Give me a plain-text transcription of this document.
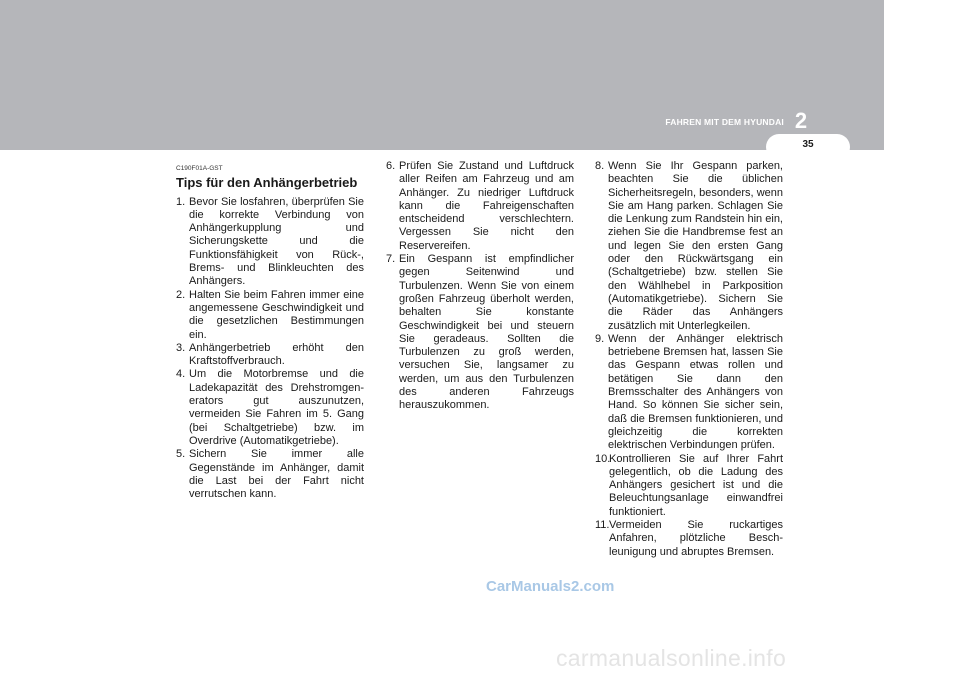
2
FAHREN MIT DEM HYUNDAI
35
C190F01A-GST
Tips für den Anhängerbetrieb
1. Bevor Sie losfahren, überprüfen Sie die korrekte Verbindung von Anhängerkupplung und Sicherungskette und die Funktionsfähigkeit von Rück-, Brems- und Blinkleuchten des Anhängers.
2. Halten Sie beim Fahren immer eine angemessene Geschwindigkeit und die gesetzlichen Bestimmungen ein.
3. Anhängerbetrieb erhöht den Kraftstoffverbrauch.
4. Um die Motorbremse und die Ladekapazität des Drehstromgen-erators gut auszunutzen, vermeiden Sie Fahren im 5. Gang (bei Schaltgetriebe) bzw. im Overdrive (Automatikgetriebe).
5. Sichern Sie immer alle Gegenstände im Anhänger, damit die Last bei der Fahrt nicht verrutschen kann.
6. Prüfen Sie Zustand und Luftdruck aller Reifen am Fahrzeug und am Anhänger. Zu niedriger Luftdruck kann die Fahreigenschaften entscheidend verschlechtern. Vergessen Sie nicht den Reservereifen.
7. Ein Gespann ist empfindlicher gegen Seitenwind und Turbulenzen. Wenn Sie von einem großen Fahrzeug überholt werden, behalten Sie konstante Geschwindigkeit bei und steuern Sie geradeaus. Sollten die Turbulenzen zu groß werden, versuchen Sie, langsamer zu werden, um aus den Turbulenzen des anderen Fahrzeugs herauszukommen.
8. Wenn Sie Ihr Gespann parken, beachten Sie die üblichen Sicherheitsregeln, besonders, wenn Sie am Hang parken. Schlagen Sie die Lenkung zum Randstein hin ein, ziehen Sie die Handbremse fest an und legen Sie den ersten Gang oder den Rückwärtsgang ein (Schaltgetriebe) bzw. stellen Sie den Wählhebel in Parkposition (Automatikgetriebe). Sichern Sie die Räder das Anhängers zusätzlich mit Unterlegkeilen.
9. Wenn der Anhänger elektrisch betriebene Bremsen hat, lassen Sie das Gespann etwas rollen und betätigen Sie dann den Bremsschalter des Anhängers von Hand. So können Sie sicher sein, daß die Bremsen funktionieren, und gleichzeitig die korrekten elektrischen Verbindungen prüfen.
10.
Kontrollieren Sie auf Ihrer Fahrt gelegentlich, ob die Ladung des Anhängers gesichert ist und die Beleuchtungsanlage einwandfrei funktioniert.
11. Vermeiden Sie ruckartiges Anfahren, plötzliche Besch-leunigung und abruptes Bremsen.
CarManuals2.com
carmanualsonline.info
